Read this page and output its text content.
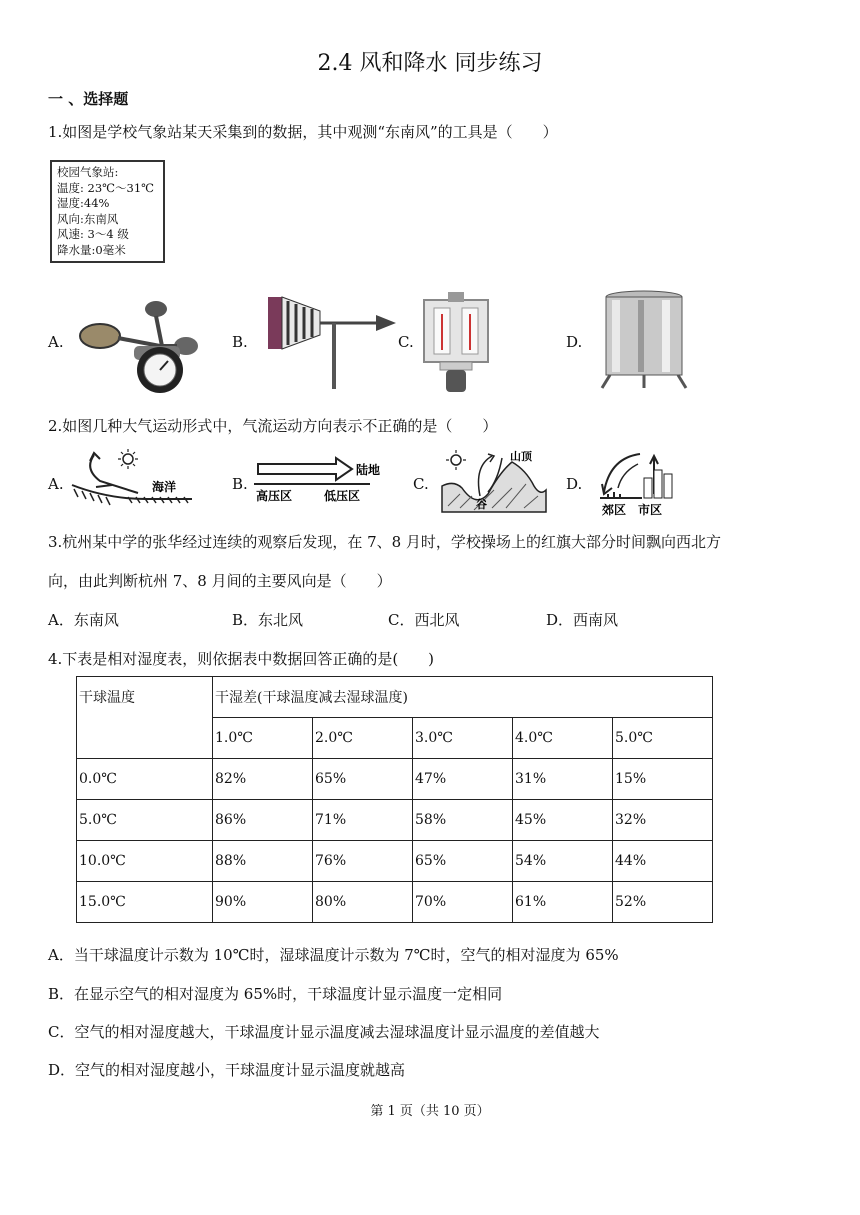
2.4 风和降水 同步练习
一 、选择题
1.如图是学校气象站某天采集到的数据，其中观测“东南风”的工具是（　　）
校园气象站:
温度: 23℃～31℃
湿度:44%
风向:东南风
风速: 3～4 级
降水量:0毫米
A.	B.	C.	D.
2.如图几种大气运动形式中，气流运动方向表示不正确的是（　　）
A.	海洋	B.
陆地
高压区	低压区
C.
山顶
谷
D.
郊区 市区
3.杭州某中学的张华经过连续的观察后发现，在 7、8 月时，学校操场上的红旗大部分时间飘向西北方
向，由此判断杭州 7、8 月间的主要风向是（　　）
A．东南风	B．东北风	C．西北风	D．西南风
4.下表是相对湿度表，则依据表中数据回答正确的是(　　)
干球温度	干湿差(干球温度减去湿球温度)				
	1.0℃	2.0℃	3.0℃	4.0℃	5.0℃
0.0℃	82%	65%	47%	31%	15%
5.0℃	86%	71%	58%	45%	32%
10.0℃	88%	76%	65%	54%	44%
15.0℃	90%	80%	70%	61%	52%
A．当干球温度计示数为 10℃时，湿球温度计示数为 7℃时，空气的相对湿度为 65%
B．在显示空气的相对湿度为 65%时，干球温度计显示温度一定相同
C．空气的相对湿度越大，干球温度计显示温度减去湿球温度计显示温度的差值越大
D．空气的相对湿度越小，干球温度计显示温度就越高
第 1 页（共 10 页）
